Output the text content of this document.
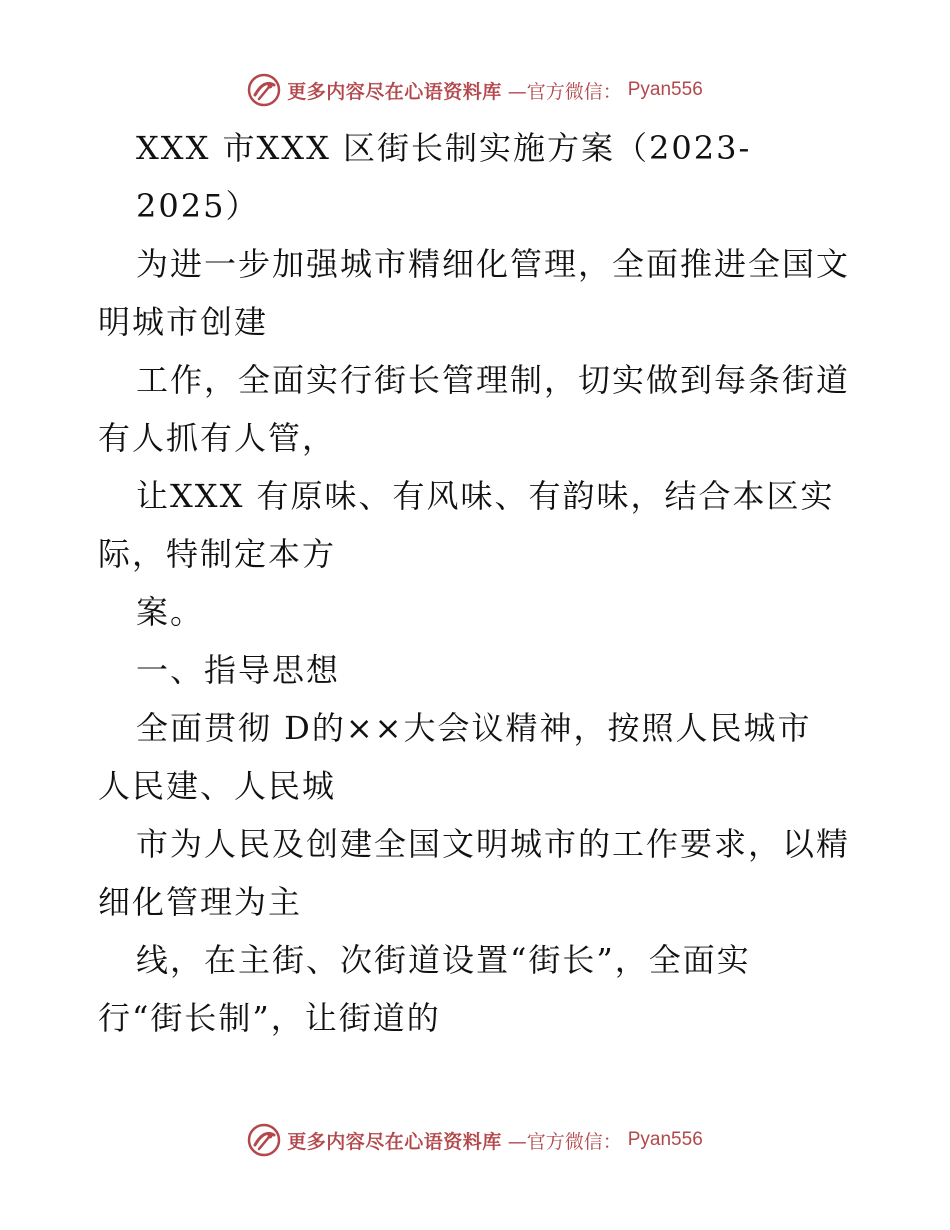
更多内容尽在心语资料库 —官方微信： Pyan556
XXX 市XXX 区街长制实施方案（2023-
2025）
为进一步加强城市精细化管理，全面推进全国文
明城市创建
工作，全面实行街长管理制，切实做到每条街道
有人抓有人管，
让XXX 有原味、有风味、有韵味，结合本区实
际，特制定本方
案。
一、指导思想
全面贯彻 D的××大会议精神，按照人民城市
人民建、人民城
市为人民及创建全国文明城市的工作要求，以精
细化管理为主
线，在主街、次街道设置“街长”，全面实
行“街长制”，让街道的
更多内容尽在心语资料库 —官方微信： Pyan556
